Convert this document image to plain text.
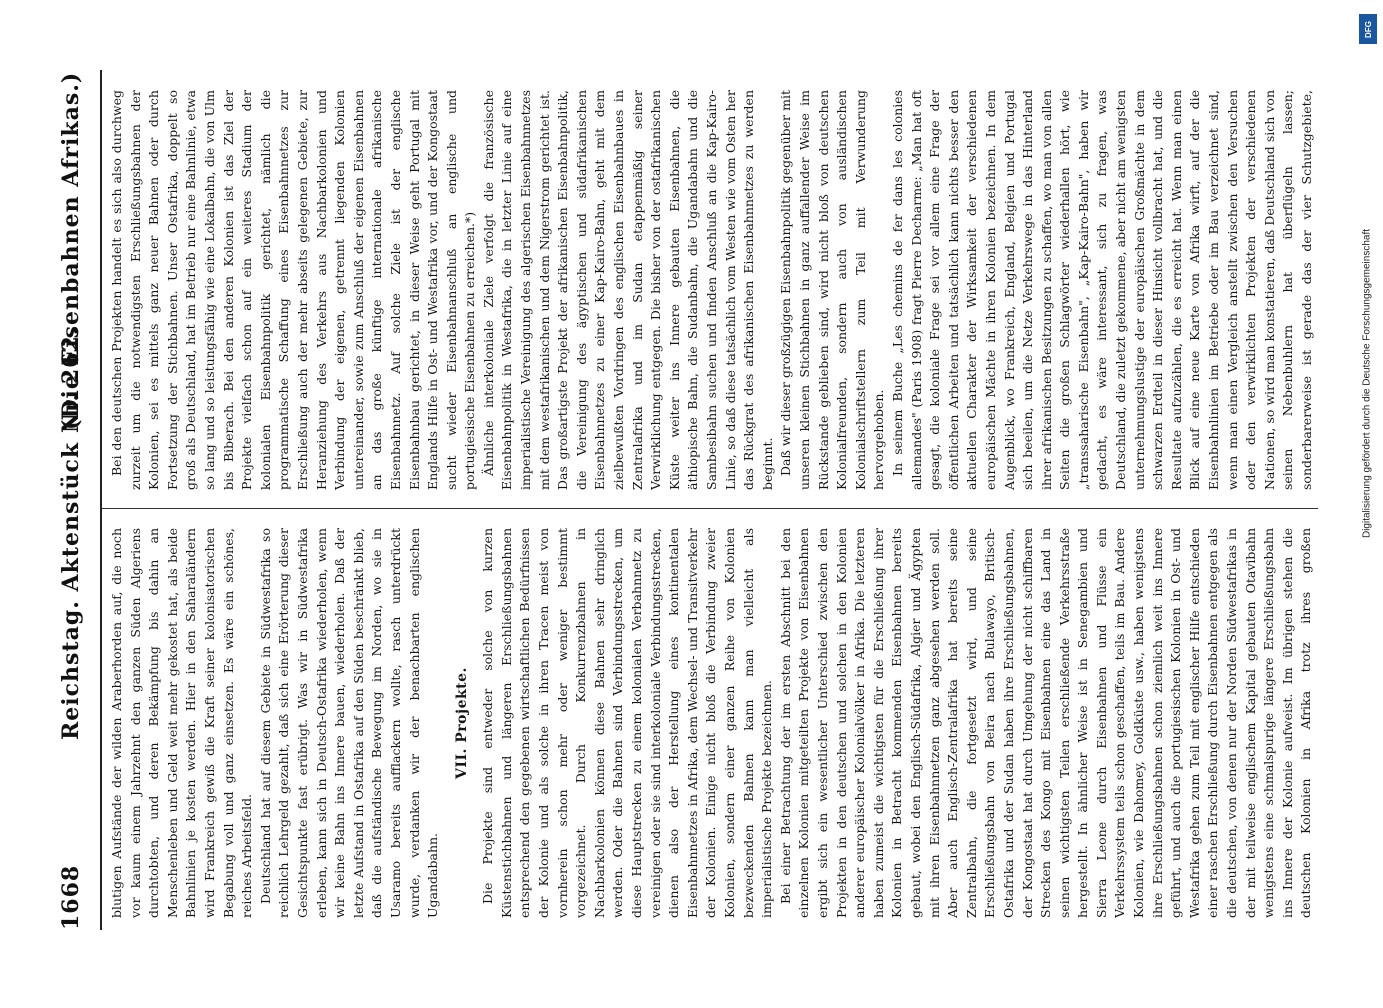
1668
Reichstag. Aktenstück Nr. 262.
(Die Eisenbahnen Afrikas.)

blutigen Aufstände der wilden Araberhorden auf, die noch vor kaum einem Jahrzehnt den ganzen Süden Algeriens durchtobten, und deren Bekämpfung bis dahin an Menschenleben und Geld weit mehr gekostet hat, als beide Bahnlinien je kosten werden. Hier in den Saharaländern wird Frankreich gewiß die Kraft seiner kolonisatorischen Begabung voll und ganz einsetzen. Es wäre ein schönes, reiches Arbeitsfeld. Deutschland hat auf diesem Gebiete in Südwestafrika so reichlich Lehrgeld gezahlt, daß sich eine Erörterung dieser Gesichtspunkte fast erübrigt. Was wir in Südwestafrika erleben, kann sich in Deutsch-Ostafrika wiederholen, wenn wir keine Bahn ins Innere bauen, wiederholen. Daß der letzte Aufstand in Ostafrika auf den Süden beschränkt blieb, daß die aufständische Bewegung im Norden, wo sie in Usaramo bereits aufflackern wollte, rasch unterdrückt wurde, verdanken wir der benachbarten englischen Ugandabahn.

VII. Projekte. Die Projekte sind entweder solche von kurzen Küstenstichbahnen und längeren Erschließungsbahnen entsprechend den gegebenen wirtschaftlichen Bedürfnissen der Kolonie und als solche in ihren Tracen meist von vornherein schon mehr oder weniger bestimmt vorgezeichnet. Durch Konkurrenzbahnen in Nachbarkolonien können diese Bahnen sehr dringlich werden. Oder die Bahnen sind Verbindungsstrecken, um diese Hauptstrecken zu einem kolonialen Verbahnnetz zu vereinigen oder sie sind interkoloniale Verbindungsstrecken, dienen also der Herstellung eines kontinentalen Eisenbahnnetzes in Afrika, dem Wechsel- und Transitverkehr der Kolonien. Einige nicht bloß die Verbindung zweier Kolonien, sondern einer ganzen Reihe von Kolonien bezweckenden Bahnen kann man vielleicht als imperialistische Projekte bezeichnen. Bei einer Betrachtung der im ersten Abschnitt bei den einzelnen Kolonien mitgeteilten Projekte von Eisenbahnen ergibt sich ein wesentlicher Unterschied zwischen den Projekten in den deutschen und solchen in den Kolonien anderer europäischer Kolonialvölker in Afrika. Die letzteren haben zumeist die wichtigsten für die Erschließung ihrer Kolonien in Betracht kommenden Eisenbahnen bereits gebaut, wobei den Englisch-Südafrika, Algier und Ägypten mit ihren Eisenbahnnetzen ganz abgesehen werden soll. Aber auch Englisch-Zentralafrika hat bereits seine Zentralbahn, die fortgesetzt wird, und seine Erschließungsbahn von Beira nach Bulawayo, Britisch-Ostafrika und der Sudan haben ihre Erschließungsbahnen, der Kongostaat hat durch Umgehung der nicht schiffbaren Strecken des Kongo mit Eisenbahnen eine das Land in seinen wichtigsten Teilen erschließende Verkehrsstraße hergestellt. In ähnlicher Weise ist in Senegambien und Sierra Leone durch Eisenbahnen und Flüsse ein Verkehrssystem teils schon geschaffen, teils im Bau. Andere Kolonien, wie Dahomey, Goldküste usw., haben wenigstens ihre Erschließungsbahnen schon ziemlich weit ins Innere geführt, und auch die portugiesischen Kolonien in Ost- und Westafrika gehen zum Teil mit englischer Hilfe entschieden einer raschen Erschließung durch Eisenbahnen entgegen als die deutschen, von denen nur der Norden Südwestafrikas in der mit teilweise englischem Kapital gebauten Otavibahn wenigstens eine schmalspurige längere Erschließungsbahn ins Innere der Kolonie aufweist. Im übrigen stehen die deutschen Kolonien in Afrika trotz ihres großen

Bei den deutschen Projekten handelt es sich also durchweg zurzeit um die notwendigsten Erschließungsbahnen der Kolonien, sei es mittels ganz neuer Bahnen oder durch Fortsetzung der Stichbahnen. Unser Ostafrika, doppelt so groß als Deutschland, hat im Betrieb nur eine Bahnlinie, etwa so lang und so leistungsfähig wie eine Lokalbahn, die von Ulm bis Biberach. Bei den anderen Kolonien ist das Ziel der Projekte vielfach schon auf ein weiteres Stadium der kolonialen Eisenbahnpolitik gerichtet, nämlich die programmatische Schaffung eines Eisenbahnnetzes zur Erschließung auch der mehr abseits gelegenen Gebiete, zur Heranziehung des Verkehrs aus Nachbarkolonien und Verbindung der eigenen, getrennt liegenden Kolonien untereinander, sowie zum Anschluß der eigenen Eisenbahnen an das große künftige internationale afrikanische Eisenbahnnetz. Auf solche Ziele ist der englische Eisenbahnbau gerichtet, in dieser Weise geht Portugal mit Englands Hilfe in Ost- und Westafrika vor, und der Kongostaat sucht wieder Eisenbahnanschluß an englische und portugiesische Eisenbahnen zu erreichen.*) Ähnliche interkoloniale Ziele verfolgt die französische Eisenbahnpolitik in Westafrika, die in letzter Linie auf eine imperialistische Vereinigung des algerischen Eisenbahnnetzes mit dem westafrikanischen und dem Nigerstrom gerichtet ist. Das großartigste Projekt der afrikanischen Eisenbahnpolitik, die Vereinigung des ägyptischen und südafrikanischen Eisenbahnnetzes zu einer Kap-Kairo-Bahn, geht mit dem zielbewußten Vordringen des englischen Eisenbahnbaues in Zentralafrika und im Sudan etappenmäßig seiner Verwirklichung entgegen. Die bisher von der ostafrikanischen Küste weiter ins Innere gebauten Eisenbahnen, die äthiopische Bahn, die Sudanbahn, die Ugandabahn und die Sambesibahn suchen und finden Anschluß an die Kap-Kairo-Linie, so daß diese tatsächlich vom Westen wie vom Osten her das Rückgrat des afrikanischen Eisenbahnnetzes zu werden beginnt. Daß wir dieser großzügigen Eisenbahnpolitik gegenüber mit unseren kleinen Stichbahnen in ganz auffallender Weise im Rückstande geblieben sind, wird nicht bloß von deutschen Kolonialfreunden, sondern auch von ausländischen Kolonialschriftstellern zum Teil mit Verwunderung hervorgehoben. In seinem Buche „Les chemins de fer dans les colonies allemandes" (Paris 1908) fragt Pierre Decharme: „Man hat oft gesagt, die koloniale Frage sei vor allem eine Frage der öffentlichen Arbeiten und tatsächlich kann nichts besser den aktuellen Charakter der Wirksamkeit der verschiedenen europäischen Mächte in ihren Kolonien bezeichnen. In dem Augenblick, wo Frankreich, England, Belgien und Portugal sich beeilen, um die Netze Verkehrswege in das Hinterland ihrer afrikanischen Besitzungen zu schaffen, wo man von allen Seiten die großen Schlagwörter wiederhallen hört, wie „transsaharische Eisenbahn", „Kap-Kairo-Bahn", haben wir gedacht, es wäre interessant, sich zu fragen, was Deutschland, die zuletzt gekommene, aber nicht am wenigsten unternehmungslustige der europäischen Großmächte in dem schwarzen Erdteil in dieser Hinsicht vollbracht hat, und die Resultate aufzuzählen, die es erreicht hat. Wenn man einen Blick auf eine neue Karte von Afrika wirft, auf der die Eisenbahnlinien im Betriebe oder im Bau verzeichnet sind, wenn man einen Vergleich anstellt zwischen den Versuchen oder den verwirklichten Projekten der verschiedenen Nationen, so wird man konstatieren, daß Deutschland sich von seinen Nebenbuhlern hat überflügeln lassen; sonderbarerweise ist gerade das der vier Schutzgebiete,

DFG
Digitalisierung gefördert durch die Deutsche Forschungsgemeinschaft
